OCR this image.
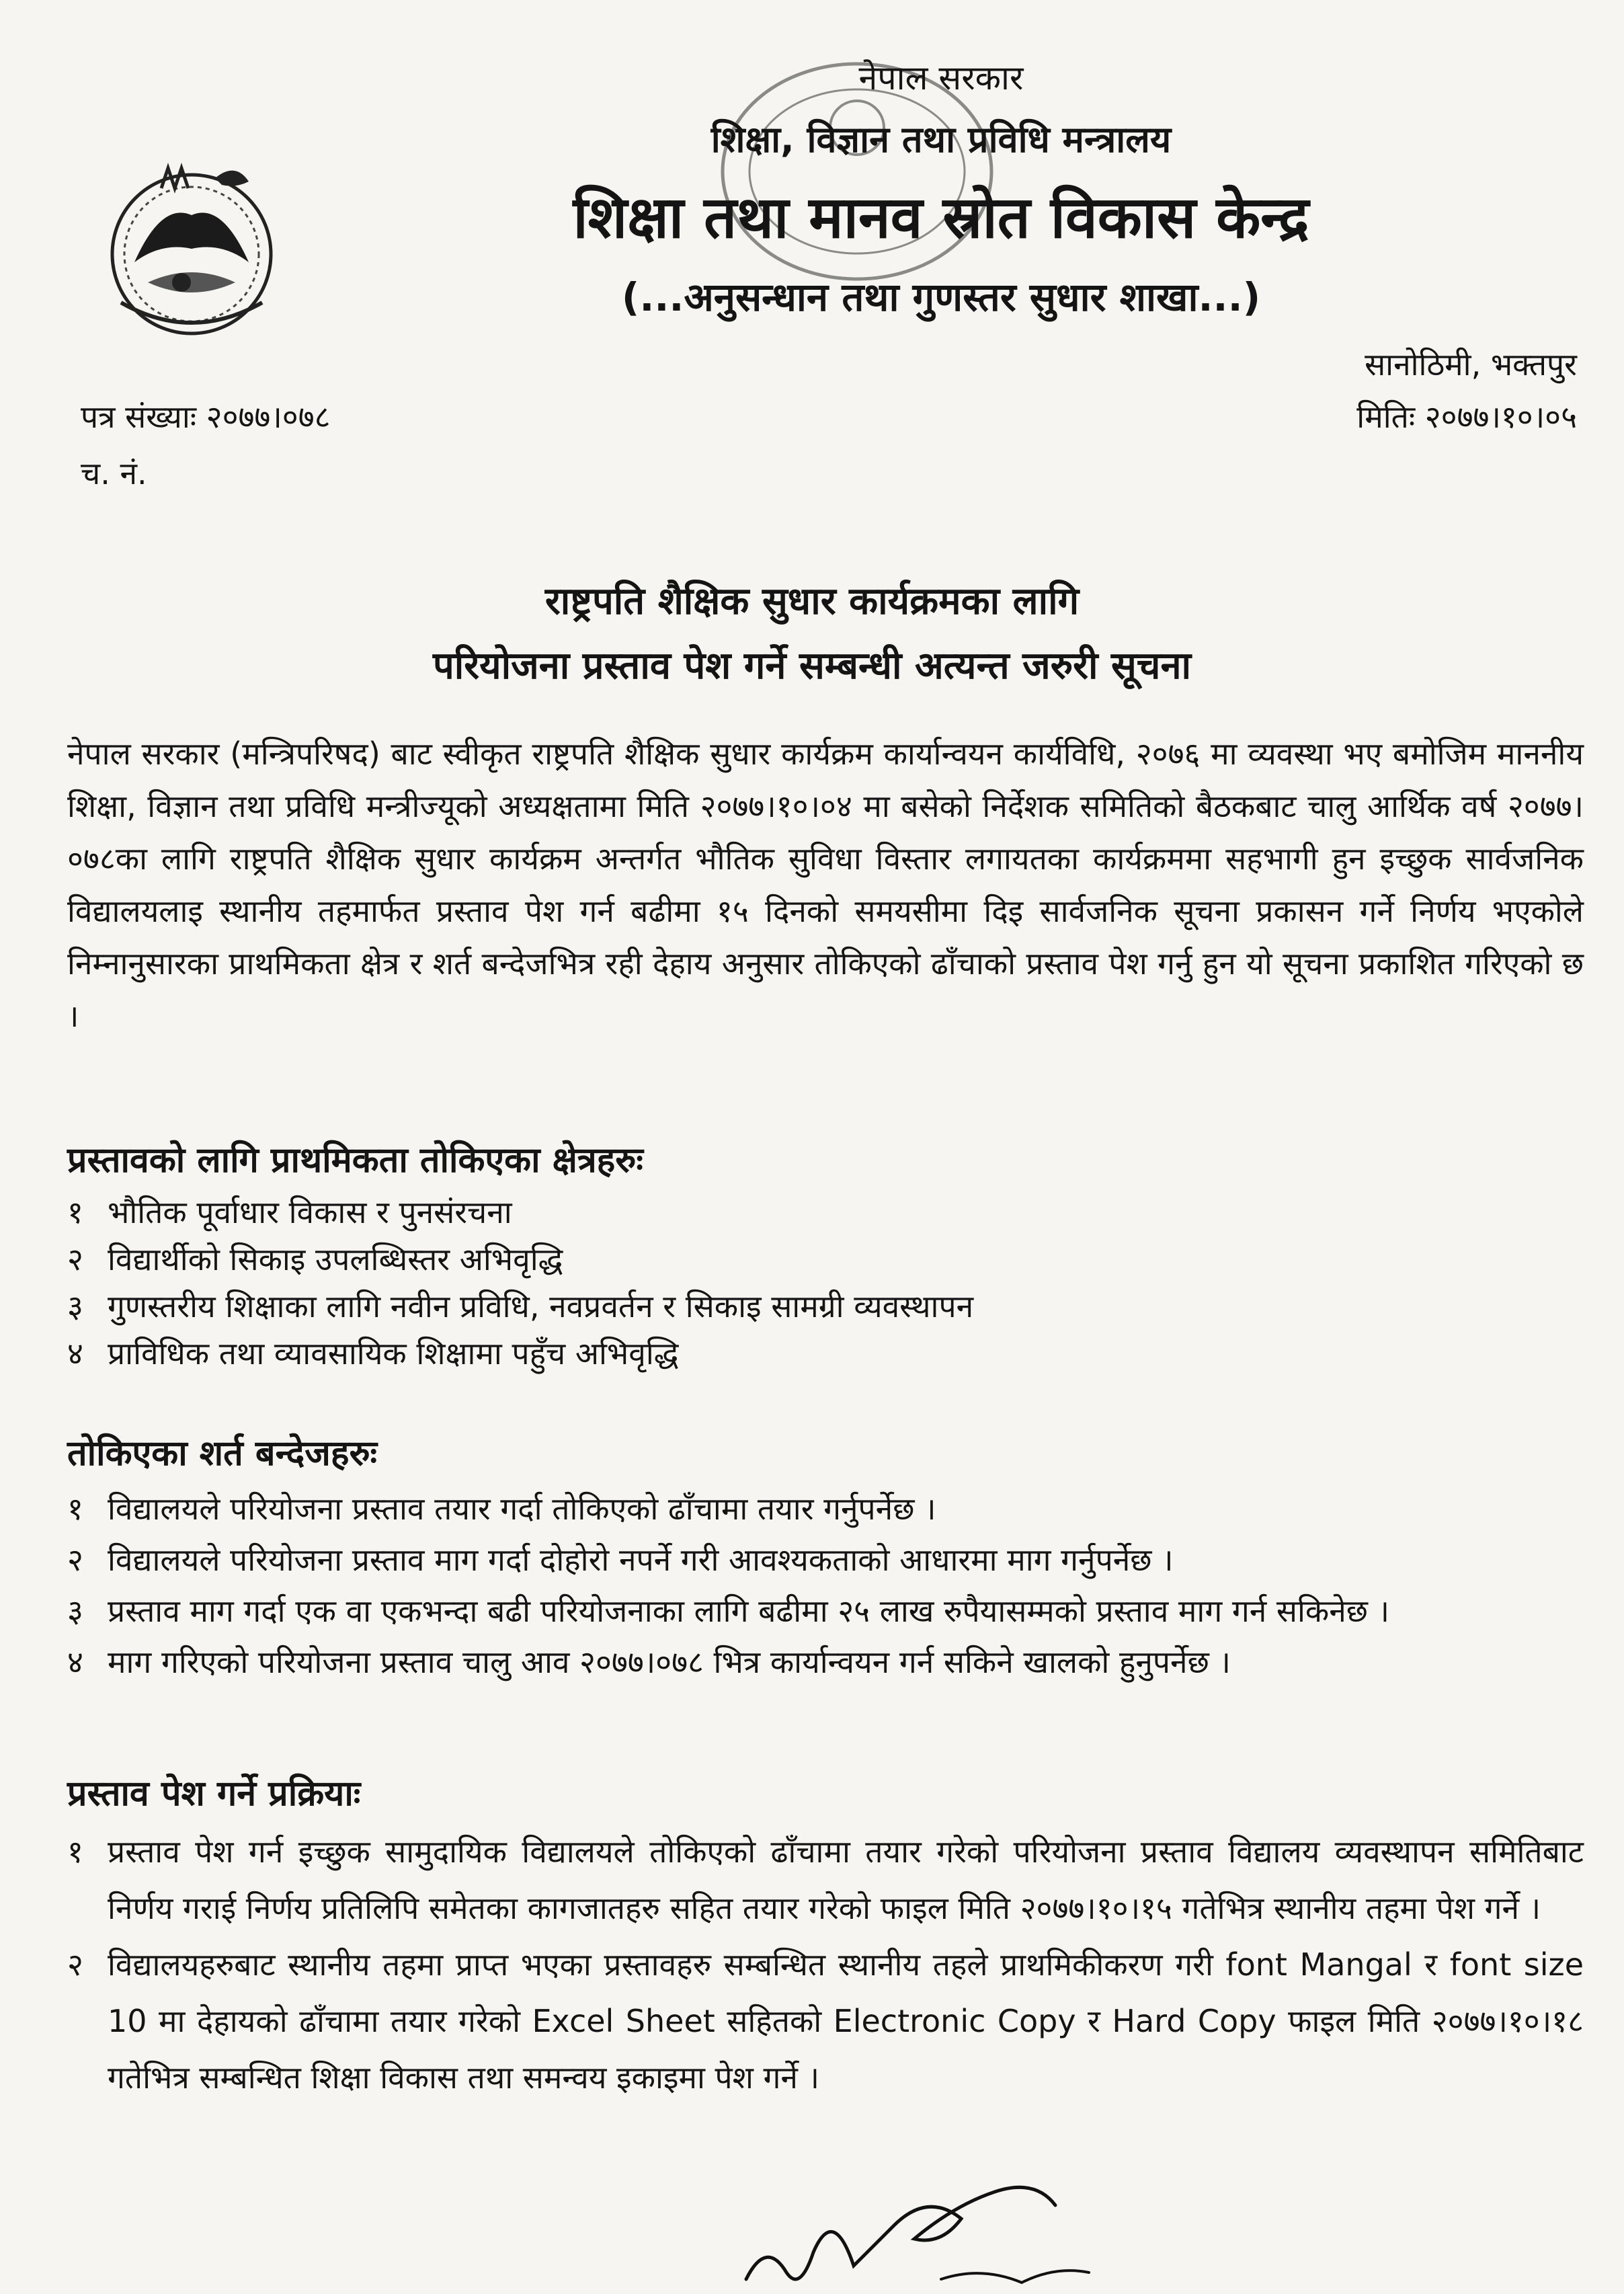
नेपाल सरकार
शिक्षा, विज्ञान तथा प्रविधि मन्त्रालय
शिक्षा तथा मानव स्रोत विकास केन्द्र
(...अनुसन्धान तथा गुणस्तर सुधार शाखा...)
सानोठिमी, भक्तपुर
मितिः २०७७।१०।०५
पत्र संख्याः २०७७।०७८
च. नं.
राष्ट्रपति शैक्षिक सुधार कार्यक्रमका लागि
परियोजना प्रस्ताव पेश गर्ने सम्बन्धी अत्यन्त जरुरी सूचना
नेपाल सरकार (मन्त्रिपरिषद) बाट स्वीकृत राष्ट्रपति शैक्षिक सुधार कार्यक्रम कार्यान्वयन कार्यविधि, २०७६ मा व्यवस्था भए बमोजिम माननीय शिक्षा, विज्ञान तथा प्रविधि मन्त्रीज्यूको अध्यक्षतामा मिति २०७७।१०।०४ मा बसेको निर्देशक समितिको बैठकबाट चालु आर्थिक वर्ष २०७७।०७८का लागि राष्ट्रपति शैक्षिक सुधार कार्यक्रम अन्तर्गत भौतिक सुविधा विस्तार लगायतका कार्यक्रममा सहभागी हुन इच्छुक सार्वजनिक विद्यालयलाइ स्थानीय तहमार्फत प्रस्ताव पेश गर्न बढीमा १५ दिनको समयसीमा दिइ सार्वजनिक सूचना प्रकासन गर्ने निर्णय भएकोले निम्नानुसारका प्राथमिकता क्षेत्र र शर्त बन्देजभित्र रही देहाय अनुसार तोकिएको ढाँचाको प्रस्ताव पेश गर्नु हुन यो सूचना प्रकाशित गरिएको छ ।
प्रस्तावको लागि प्राथमिकता तोकिएका क्षेत्रहरुः
१ भौतिक पूर्वाधार विकास र पुनसंरचना
२ विद्यार्थीको सिकाइ उपलब्धिस्तर अभिवृद्धि
३ गुणस्तरीय शिक्षाका लागि नवीन प्रविधि, नवप्रवर्तन र सिकाइ सामग्री व्यवस्थापन
४ प्राविधिक तथा व्यावसायिक शिक्षामा पहुँच अभिवृद्धि
तोकिएका शर्त बन्देजहरुः
१ विद्यालयले परियोजना प्रस्ताव तयार गर्दा तोकिएको ढाँचामा तयार गर्नुपर्नेछ ।
२ विद्यालयले परियोजना प्रस्ताव माग गर्दा दोहोरो नपर्ने गरी आवश्यकताको आधारमा माग गर्नुपर्नेछ ।
३ प्रस्ताव माग गर्दा एक वा एकभन्दा बढी परियोजनाका लागि बढीमा २५ लाख रुपैयासम्मको प्रस्ताव माग गर्न सकिनेछ ।
४ माग गरिएको परियोजना प्रस्ताव चालु आव २०७७।०७८ भित्र कार्यान्वयन गर्न सकिने खालको हुनुपर्नेछ ।
प्रस्ताव पेश गर्ने प्रक्रियाः
१ प्रस्ताव पेश गर्न इच्छुक सामुदायिक विद्यालयले तोकिएको ढाँचामा तयार गरेको परियोजना प्रस्ताव विद्यालय व्यवस्थापन समितिबाट निर्णय गराई निर्णय प्रतिलिपि समेतका कागजातहरु सहित तयार गरेको फाइल मिति २०७७।१०।१५ गतेभित्र स्थानीय तहमा पेश गर्ने ।
२ विद्यालयहरुबाट स्थानीय तहमा प्राप्त भएका प्रस्तावहरु सम्बन्धित स्थानीय तहले प्राथमिकीकरण गरी font Mangal र font size 10 मा देहायको ढाँचामा तयार गरेको Excel Sheet सहितको Electronic Copy र Hard Copy फाइल मिति २०७७।१०।१८ गतेभित्र सम्बन्धित शिक्षा विकास तथा समन्वय इकाइमा पेश गर्ने ।
